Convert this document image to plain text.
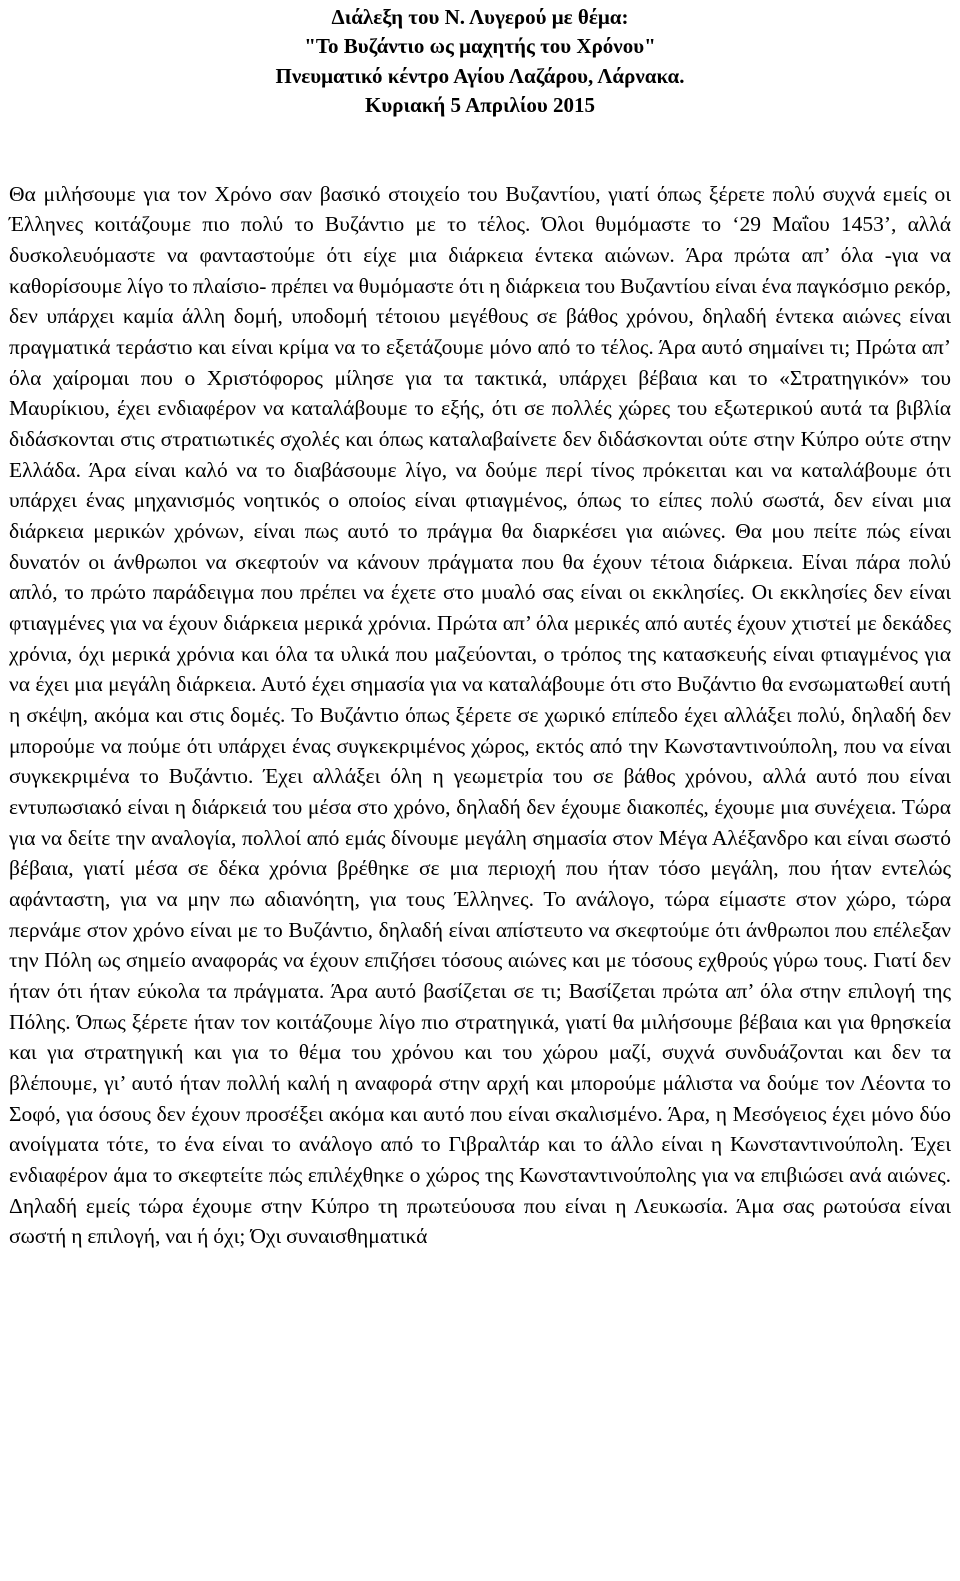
Διάλεξη του Ν. Λυγερού με θέμα:
"Το Βυζάντιο ως μαχητής του Χρόνου"
Πνευματικό κέντρο Αγίου Λαζάρου, Λάρνακα.
Κυριακή 5 Απριλίου 2015

Θα μιλήσουμε για τον Χρόνο σαν βασικό στοιχείο του Βυζαντίου, γιατί όπως ξέρετε πολύ συχνά εμείς οι Έλληνες κοιτάζουμε πιο πολύ το Βυζάντιο με το τέλος. Όλοι θυμόμαστε το ‘29 Μαΐου 1453’, αλλά δυσκολευόμαστε να φανταστούμε ότι είχε μια διάρκεια έντεκα αιώνων. Άρα πρώτα απ’ όλα -για να καθορίσουμε λίγο το πλαίσιο- πρέπει να θυμόμαστε ότι η διάρκεια του Βυζαντίου είναι ένα παγκόσμιο ρεκόρ, δεν υπάρχει καμία άλλη δομή, υποδομή τέτοιου μεγέθους σε βάθος χρόνου, δηλαδή έντεκα αιώνες είναι πραγματικά τεράστιο και είναι κρίμα να το εξετάζουμε μόνο από το τέλος. Άρα αυτό σημαίνει τι; Πρώτα απ’ όλα χαίρομαι που ο Χριστόφορος μίλησε για τα τακτικά, υπάρχει βέβαια και το «Στρατηγικόν» του Μαυρίκιου, έχει ενδιαφέρον να καταλάβουμε το εξής, ότι σε πολλές χώρες του εξωτερικού αυτά τα βιβλία διδάσκονται στις στρατιωτικές σχολές και όπως καταλαβαίνετε δεν διδάσκονται ούτε στην Κύπρο ούτε στην Ελλάδα. Άρα είναι καλό να το διαβάσουμε λίγο, να δούμε περί τίνος πρόκειται και να καταλάβουμε ότι υπάρχει ένας μηχανισμός νοητικός ο οποίος είναι φτιαγμένος, όπως το είπες πολύ σωστά, δεν είναι μια διάρκεια μερικών χρόνων, είναι πως αυτό το πράγμα θα διαρκέσει για αιώνες. Θα μου πείτε πώς είναι δυνατόν οι άνθρωποι να σκεφτούν να κάνουν πράγματα που θα έχουν τέτοια διάρκεια. Είναι πάρα πολύ απλό, το πρώτο παράδειγμα που πρέπει να έχετε στο μυαλό σας είναι οι εκκλησίες. Οι εκκλησίες δεν είναι φτιαγμένες για να έχουν διάρκεια μερικά χρόνια. Πρώτα απ’ όλα μερικές από αυτές έχουν χτιστεί με δεκάδες χρόνια, όχι μερικά χρόνια και όλα τα υλικά που μαζεύονται, ο τρόπος της κατασκευής είναι φτιαγμένος για να έχει μια μεγάλη διάρκεια. Αυτό έχει σημασία για να καταλάβουμε ότι στο Βυζάντιο θα ενσωματωθεί αυτή η σκέψη, ακόμα και στις δομές. Το Βυζάντιο όπως ξέρετε σε χωρικό επίπεδο έχει αλλάξει πολύ, δηλαδή δεν μπορούμε να πούμε ότι υπάρχει ένας συγκεκριμένος χώρος, εκτός από την Κωνσταντινούπολη, που να είναι συγκεκριμένα το Βυζάντιο. Έχει αλλάξει όλη η γεωμετρία του σε βάθος χρόνου, αλλά αυτό που είναι εντυπωσιακό είναι η διάρκειά του μέσα στο χρόνο, δηλαδή δεν έχουμε διακοπές, έχουμε μια συνέχεια. Τώρα για να δείτε την αναλογία, πολλοί από εμάς δίνουμε μεγάλη σημασία στον Μέγα Αλέξανδρο και είναι σωστό βέβαια, γιατί μέσα σε δέκα χρόνια βρέθηκε σε μια περιοχή που ήταν τόσο μεγάλη, που ήταν εντελώς αφάνταστη, για να μην πω αδιανόητη, για τους Έλληνες. Το ανάλογο, τώρα είμαστε στον χώρο, τώρα περνάμε στον χρόνο είναι με το Βυζάντιο, δηλαδή είναι απίστευτο να σκεφτούμε ότι άνθρωποι που επέλεξαν την Πόλη ως σημείο αναφοράς να έχουν επιζήσει τόσους αιώνες και με τόσους εχθρούς γύρω τους. Γιατί δεν ήταν ότι ήταν εύκολα τα πράγματα. Άρα αυτό βασίζεται σε τι; Βασίζεται πρώτα απ’ όλα στην επιλογή της Πόλης. Όπως ξέρετε ήταν τον κοιτάζουμε λίγο πιο στρατηγικά, γιατί θα μιλήσουμε βέβαια και για θρησκεία και για στρατηγική και για το θέμα του χρόνου και του χώρου μαζί, συχνά συνδυάζονται και δεν τα βλέπουμε, γι’ αυτό ήταν πολλή καλή η αναφορά στην αρχή και μπορούμε μάλιστα να δούμε τον Λέοντα το Σοφό, για όσους δεν έχουν προσέξει ακόμα και αυτό που είναι σκαλισμένο. Άρα, η Μεσόγειος έχει μόνο δύο ανοίγματα τότε, το ένα είναι το ανάλογο από το Γιβραλτάρ και το άλλο είναι η Κωνσταντινούπολη. Έχει ενδιαφέρον άμα το σκεφτείτε πώς επιλέχθηκε ο χώρος της Κωνσταντινούπολης για να επιβιώσει ανά αιώνες. Δηλαδή εμείς τώρα έχουμε στην Κύπρο τη πρωτεύουσα που είναι η Λευκωσία. Άμα σας ρωτούσα είναι σωστή η επιλογή, ναι ή όχι; Όχι συναισθηματικά
